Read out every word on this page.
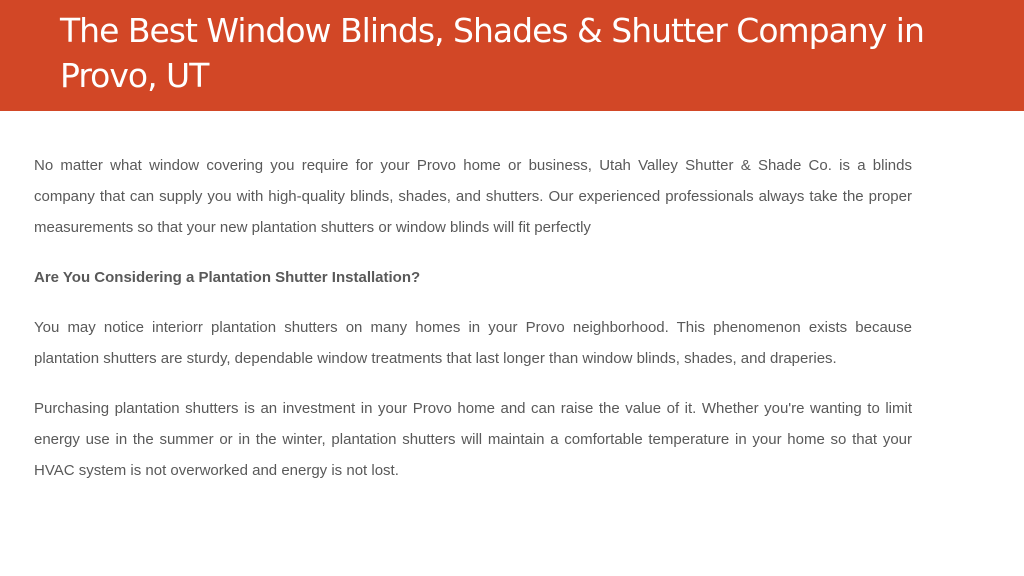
The Best Window Blinds, Shades & Shutter Company in Provo, UT

No matter what window covering you require for your Provo home or business, Utah Valley Shutter & Shade Co. is a blinds company that can supply you with high-quality blinds, shades, and shutters. Our experienced professionals always take the proper measurements so that your new plantation shutters or window blinds will fit perfectly

Are You Considering a Plantation Shutter Installation?

You may notice interiorr plantation shutters on many homes in your Provo neighborhood. This phenomenon exists because plantation shutters are sturdy, dependable window treatments that last longer than window blinds, shades, and draperies.

Purchasing plantation shutters is an investment in your Provo home and can raise the value of it. Whether you're wanting to limit energy use in the summer or in the winter, plantation shutters will maintain a comfortable temperature in your home so that your HVAC system is not overworked and energy is not lost.
